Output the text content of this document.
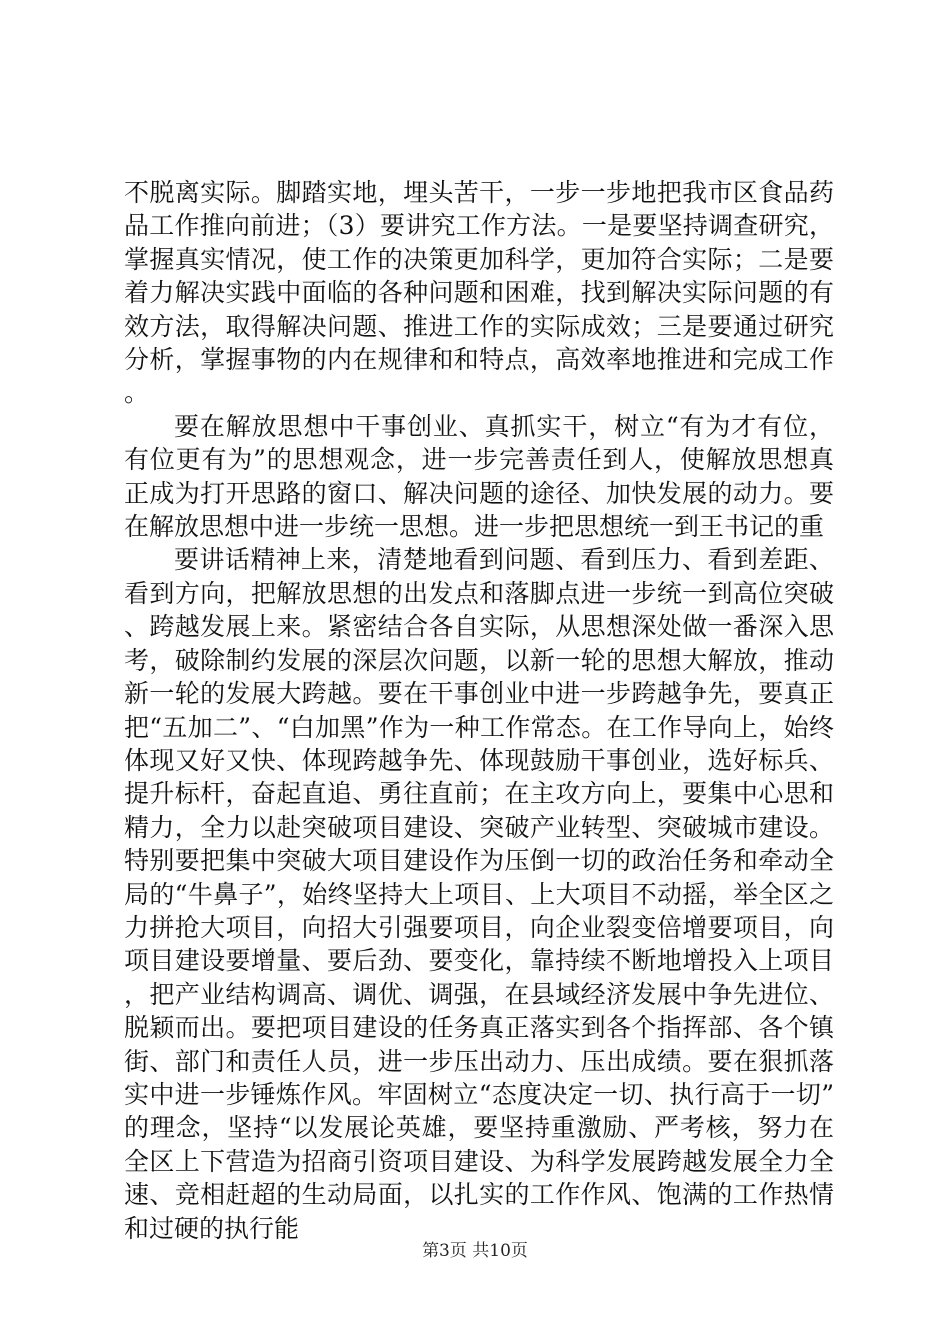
不脱离实际。脚踏实地，埋头苦干，一步一步地把我市区食品药品工作推向前进；（3）要讲究工作方法。一是要坚持调查研究，掌握真实情况，使工作的决策更加科学，更加符合实际；二是要着力解决实践中面临的各种问题和困难，找到解决实际问题的有效方法，取得解决问题、推进工作的实际成效；三是要通过研究分析，掌握事物的内在规律和和特点，高效率地推进和完成工作。

要在解放思想中干事创业、真抓实干，树立“有为才有位，有位更有为”的思想观念，进一步完善责任到人，使解放思想真正成为打开思路的窗口、解决问题的途径、加快发展的动力。要在解放思想中进一步统一思想。进一步把思想统一到王书记的重

要讲话精神上来，清楚地看到问题、看到压力、看到差距、看到方向，把解放思想的出发点和落脚点进一步统一到高位突破、跨越发展上来。紧密结合各自实际，从思想深处做一番深入思考，破除制约发展的深层次问题，以新一轮的思想大解放，推动新一轮的发展大跨越。要在干事创业中进一步跨越争先，要真正把“五加二”、“白加黑”作为一种工作常态。在工作导向上，始终体现又好又快、体现跨越争先、体现鼓励干事创业，选好标兵、提升标杆，奋起直追、勇往直前；在主攻方向上，要集中心思和精力，全力以赴突破项目建设、突破产业转型、突破城市建设。特别要把集中突破大项目建设作为压倒一切的政治任务和牵动全局的“牛鼻子”，始终坚持大上项目、上大项目不动摇，举全区之力拼抢大项目，向招大引强要项目，向企业裂变倍增要项目，向项目建设要增量、要后劲、要变化，靠持续不断地增投入上项目，把产业结构调高、调优、调强，在县域经济发展中争先进位、脱颖而出。要把项目建设的任务真正落实到各个指挥部、各个镇街、部门和责任人员，进一步压出动力、压出成绩。要在狠抓落实中进一步锤炼作风。牢固树立“态度决定一切、执行高于一切”的理念，坚持“以发展论英雄，要坚持重激励、严考核，努力在全区上下营造为招商引资项目建设、为科学发展跨越发展全力全速、竞相赶超的生动局面，以扎实的工作作风、饱满的工作热情和过硬的执行能

第3页 共10页
